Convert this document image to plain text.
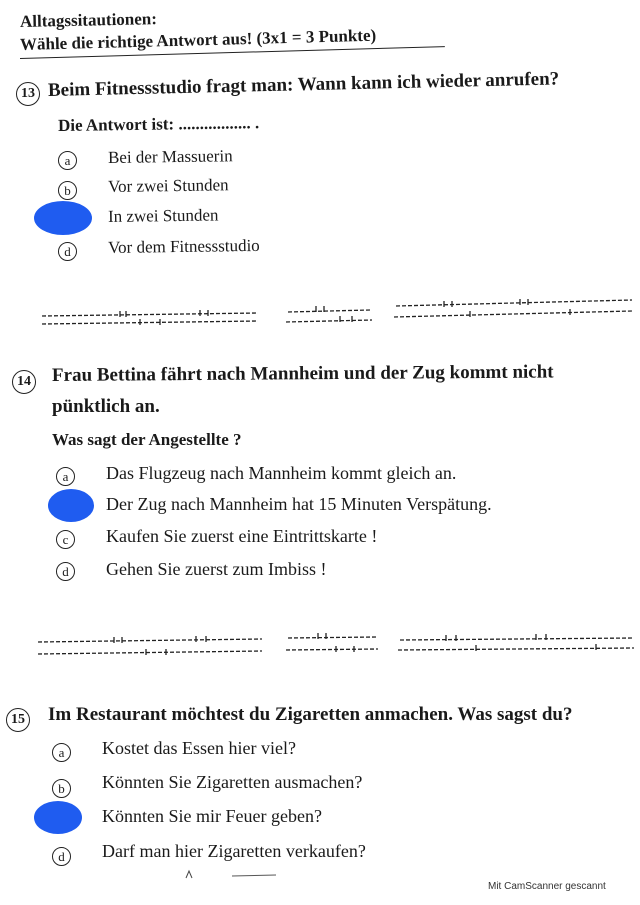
Alltagssitautionen:
Wähle die richtige Antwort aus! (3x1 = 3 Punkte)
13 Beim Fitnessstudio fragt man: Wann kann ich wieder anrufen?
Die Antwort ist: ................. .
a Bei der Massuerin
b Vor zwei Stunden
In zwei Stunden
d Vor dem Fitnessstudio
14 Frau Bettina fährt nach Mannheim und der Zug kommt nicht
pünktlich an.
Was sagt der Angestellte ?
a Das Flugzeug nach Mannheim kommt gleich an.
Der Zug nach Mannheim hat 15 Minuten Verspätung.
c Kaufen Sie zuerst eine Eintrittskarte !
d Gehen Sie zuerst zum Imbiss !
15 Im Restaurant möchtest du Zigaretten anmachen. Was sagst du?
a Kostet das Essen hier viel?
b Könnten Sie Zigaretten ausmachen?
Könnten Sie mir Feuer geben?
d Darf man hier Zigaretten verkaufen?
Mit CamScanner gescannt
